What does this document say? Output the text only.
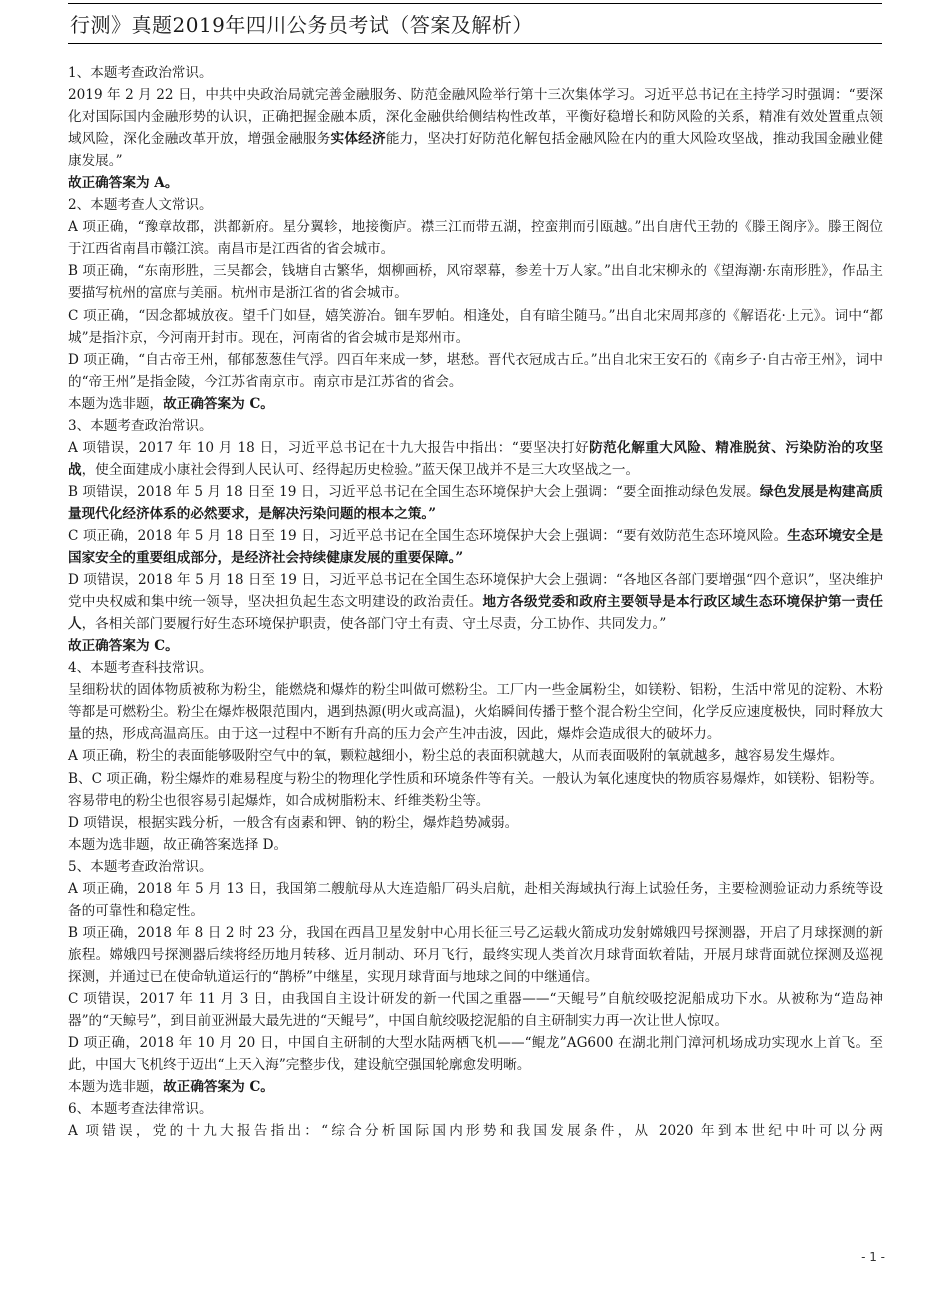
行测》真题2019年四川公务员考试（答案及解析）

1、本题考查政治常识。

2019 年 2 月 22 日，中共中央政治局就完善金融服务、防范金融风险举行第十三次集体学习。习近平总书记在主持学习时强调：“要深化对国际国内金融形势的认识，正确把握金融本质，深化金融供给侧结构性改革，平衡好稳增长和防风险的关系，精准有效处置重点领域风险，深化金融改革开放，增强金融服务实体经济能力，坚决打好防范化解包括金融风险在内的重大风险攻坚战，推动我国金融业健康发展。”

故正确答案为 A。

2、本题考查人文常识。

A 项正确，“豫章故郡，洪都新府。星分翼轸，地接衡庐。襟三江而带五湖，控蛮荆而引瓯越。”出自唐代王勃的《滕王阁序》。滕王阁位于江西省南昌市赣江滨。南昌市是江西省的省会城市。

B 项正确，“东南形胜，三吴都会，钱塘自古繁华，烟柳画桥，风帘翠幕，参差十万人家。”出自北宋柳永的《望海潮·东南形胜》，作品主要描写杭州的富庶与美丽。杭州市是浙江省的省会城市。

C 项正确，“因念都城放夜。望千门如昼，嬉笑游冶。钿车罗帕。相逢处，自有暗尘随马。”出自北宋周邦彦的《解语花·上元》。词中“都城”是指汴京，今河南开封市。现在，河南省的省会城市是郑州市。

D 项正确，“自古帝王州，郁郁葱葱佳气浮。四百年来成一梦，堪愁。晋代衣冠成古丘。”出自北宋王安石的《南乡子·自古帝王州》，词中的“帝王州”是指金陵，今江苏省南京市。南京市是江苏省的省会。

本题为选非题，故正确答案为 C。

3、本题考查政治常识。

A 项错误，2017 年 10 月 18 日，习近平总书记在十九大报告中指出：“要坚决打好防范化解重大风险、精准脱贫、污染防治的攻坚战，使全面建成小康社会得到人民认可、经得起历史检验。”蓝天保卫战并不是三大攻坚战之一。

B 项错误，2018 年 5 月 18 日至 19 日，习近平总书记在全国生态环境保护大会上强调：“要全面推动绿色发展。绿色发展是构建高质量现代化经济体系的必然要求，是解决污染问题的根本之策。”

C 项正确，2018 年 5 月 18 日至 19 日，习近平总书记在全国生态环境保护大会上强调：“要有效防范生态环境风险。生态环境安全是国家安全的重要组成部分，是经济社会持续健康发展的重要保障。”

D 项错误，2018 年 5 月 18 日至 19 日，习近平总书记在全国生态环境保护大会上强调：“各地区各部门要增强“四个意识”，坚决维护党中央权威和集中统一领导，坚决担负起生态文明建设的政治责任。地方各级党委和政府主要领导是本行政区域生态环境保护第一责任人，各相关部门要履行好生态环境保护职责，使各部门守土有责、守土尽责，分工协作、共同发力。”

故正确答案为 C。

4、本题考查科技常识。

呈细粉状的固体物质被称为粉尘，能燃烧和爆炸的粉尘叫做可燃粉尘。工厂内一些金属粉尘，如镁粉、铝粉，生活中常见的淀粉、木粉等都是可燃粉尘。粉尘在爆炸极限范围内，遇到热源(明火或高温)，火焰瞬间传播于整个混合粉尘空间，化学反应速度极快，同时释放大量的热，形成高温高压。由于这一过程中不断有升高的压力会产生冲击波，因此，爆炸会造成很大的破坏力。

A 项正确，粉尘的表面能够吸附空气中的氧，颗粒越细小，粉尘总的表面积就越大，从而表面吸附的氧就越多，越容易发生爆炸。

B、C 项正确，粉尘爆炸的难易程度与粉尘的物理化学性质和环境条件等有关。一般认为氧化速度快的物质容易爆炸，如镁粉、铝粉等。容易带电的粉尘也很容易引起爆炸，如合成树脂粉末、纤维类粉尘等。

D 项错误，根据实践分析，一般含有卤素和钾、钠的粉尘，爆炸趋势减弱。

本题为选非题，故正确答案选择 D。

5、本题考查政治常识。

A 项正确，2018 年 5 月 13 日，我国第二艘航母从大连造船厂码头启航，赴相关海域执行海上试验任务，主要检测验证动力系统等设备的可靠性和稳定性。

B 项正确，2018 年 8 日 2 时 23 分，我国在西昌卫星发射中心用长征三号乙运载火箭成功发射嫦娥四号探测器，开启了月球探测的新旅程。嫦娥四号探测器后续将经历地月转移、近月制动、环月飞行，最终实现人类首次月球背面软着陆，开展月球背面就位探测及巡视探测，并通过已在使命轨道运行的“鹊桥”中继星，实现月球背面与地球之间的中继通信。

C 项错误，2017 年 11 月 3 日，由我国自主设计研发的新一代国之重器——“天鲲号”自航绞吸挖泥船成功下水。从被称为“造岛神器”的“天鲸号”，到目前亚洲最大最先进的“天鲲号”，中国自航绞吸挖泥船的自主研制实力再一次让世人惊叹。

D 项正确，2018 年 10 月 20 日，中国自主研制的大型水陆两栖飞机——“鲲龙”AG600 在湖北荆门漳河机场成功实现水上首飞。至此，中国大飞机终于迈出“上天入海”完整步伐，建设航空强国轮廓愈发明晰。

本题为选非题，故正确答案为 C。

6、本题考查法律常识。

A 项错误，党的十九大报告指出：“综合分析国际国内形势和我国发展条件，从 2020 年到本世纪中叶可以分两

- 1 -
